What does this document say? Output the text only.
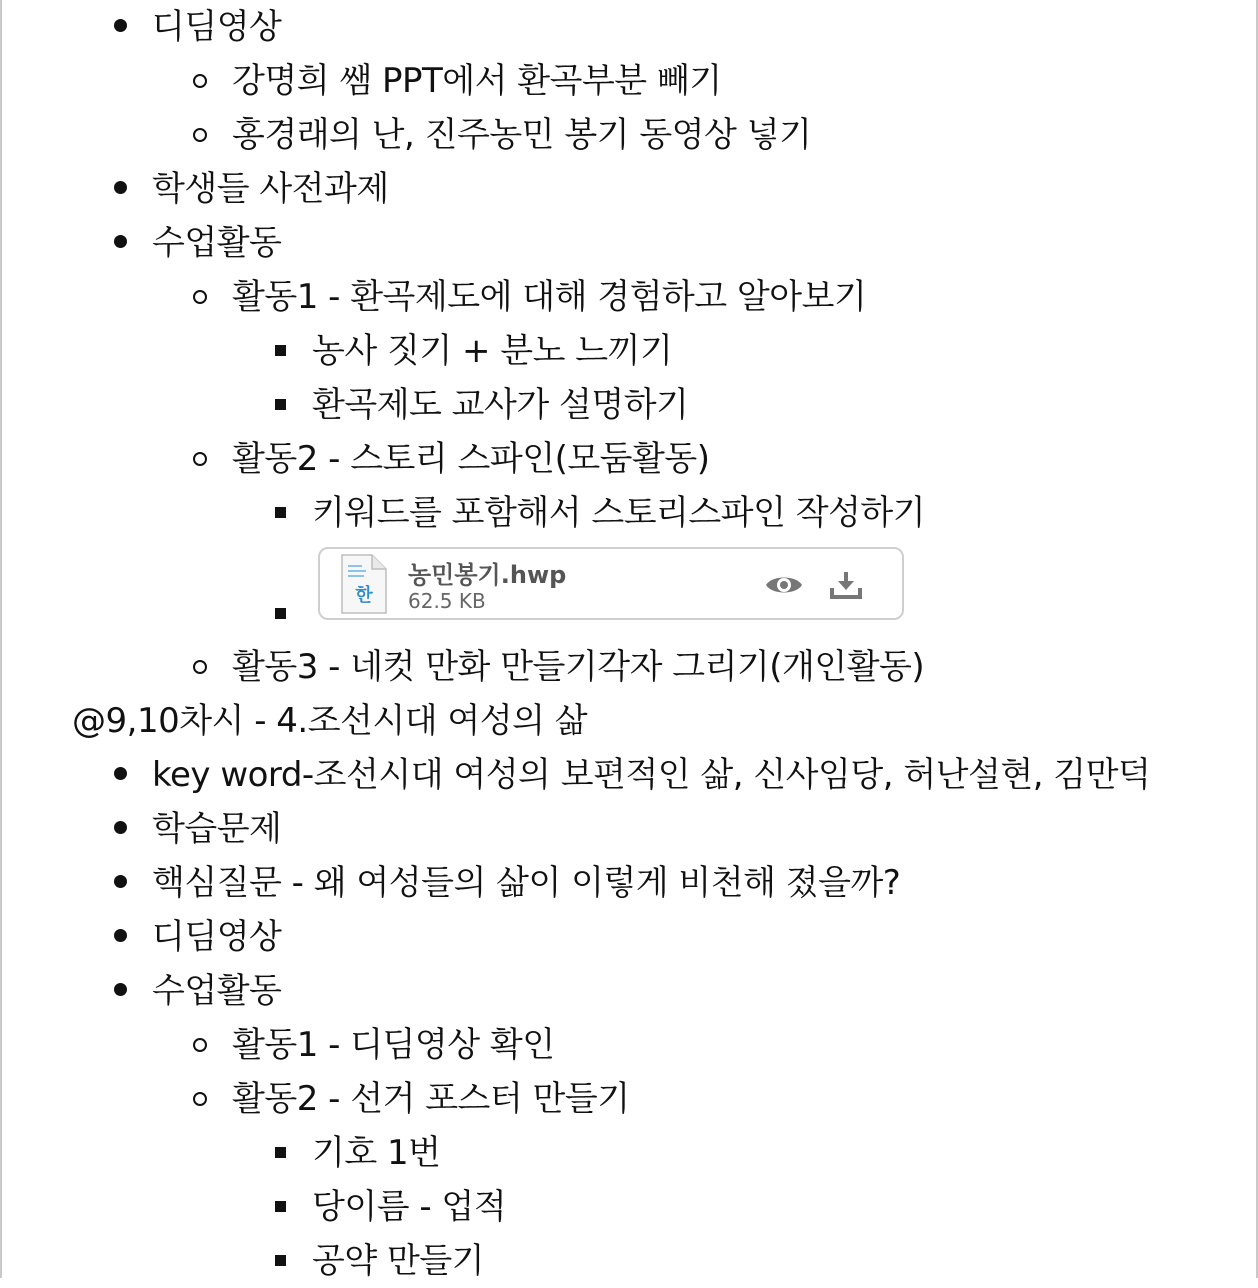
디딤영상
강명희 쌤 PPT에서 환곡부분 빼기
홍경래의 난, 진주농민 봉기 동영상 넣기
학생들 사전과제
수업활동
활동1 - 환곡제도에 대해 경험하고 알아보기
농사 짓기 + 분노 느끼기
환곡제도 교사가 설명하기
활동2 - 스토리 스파인(모둠활동)
키워드를 포함해서 스토리스파인 작성하기
한
농민봉기.hwp
62.5 KB
활동3 - 네컷 만화 만들기각자 그리기(개인활동)
@9,10차시 - 4.조선시대 여성의 삶
key word-조선시대 여성의 보편적인 삶, 신사임당, 허난설현, 김만덕
학습문제
핵심질문 - 왜 여성들의 삶이 이렇게 비천해 졌을까?
디딤영상
수업활동
활동1 - 디딤영상 확인
활동2 - 선거 포스터 만들기
기호 1번
당이름 - 업적
공약 만들기
